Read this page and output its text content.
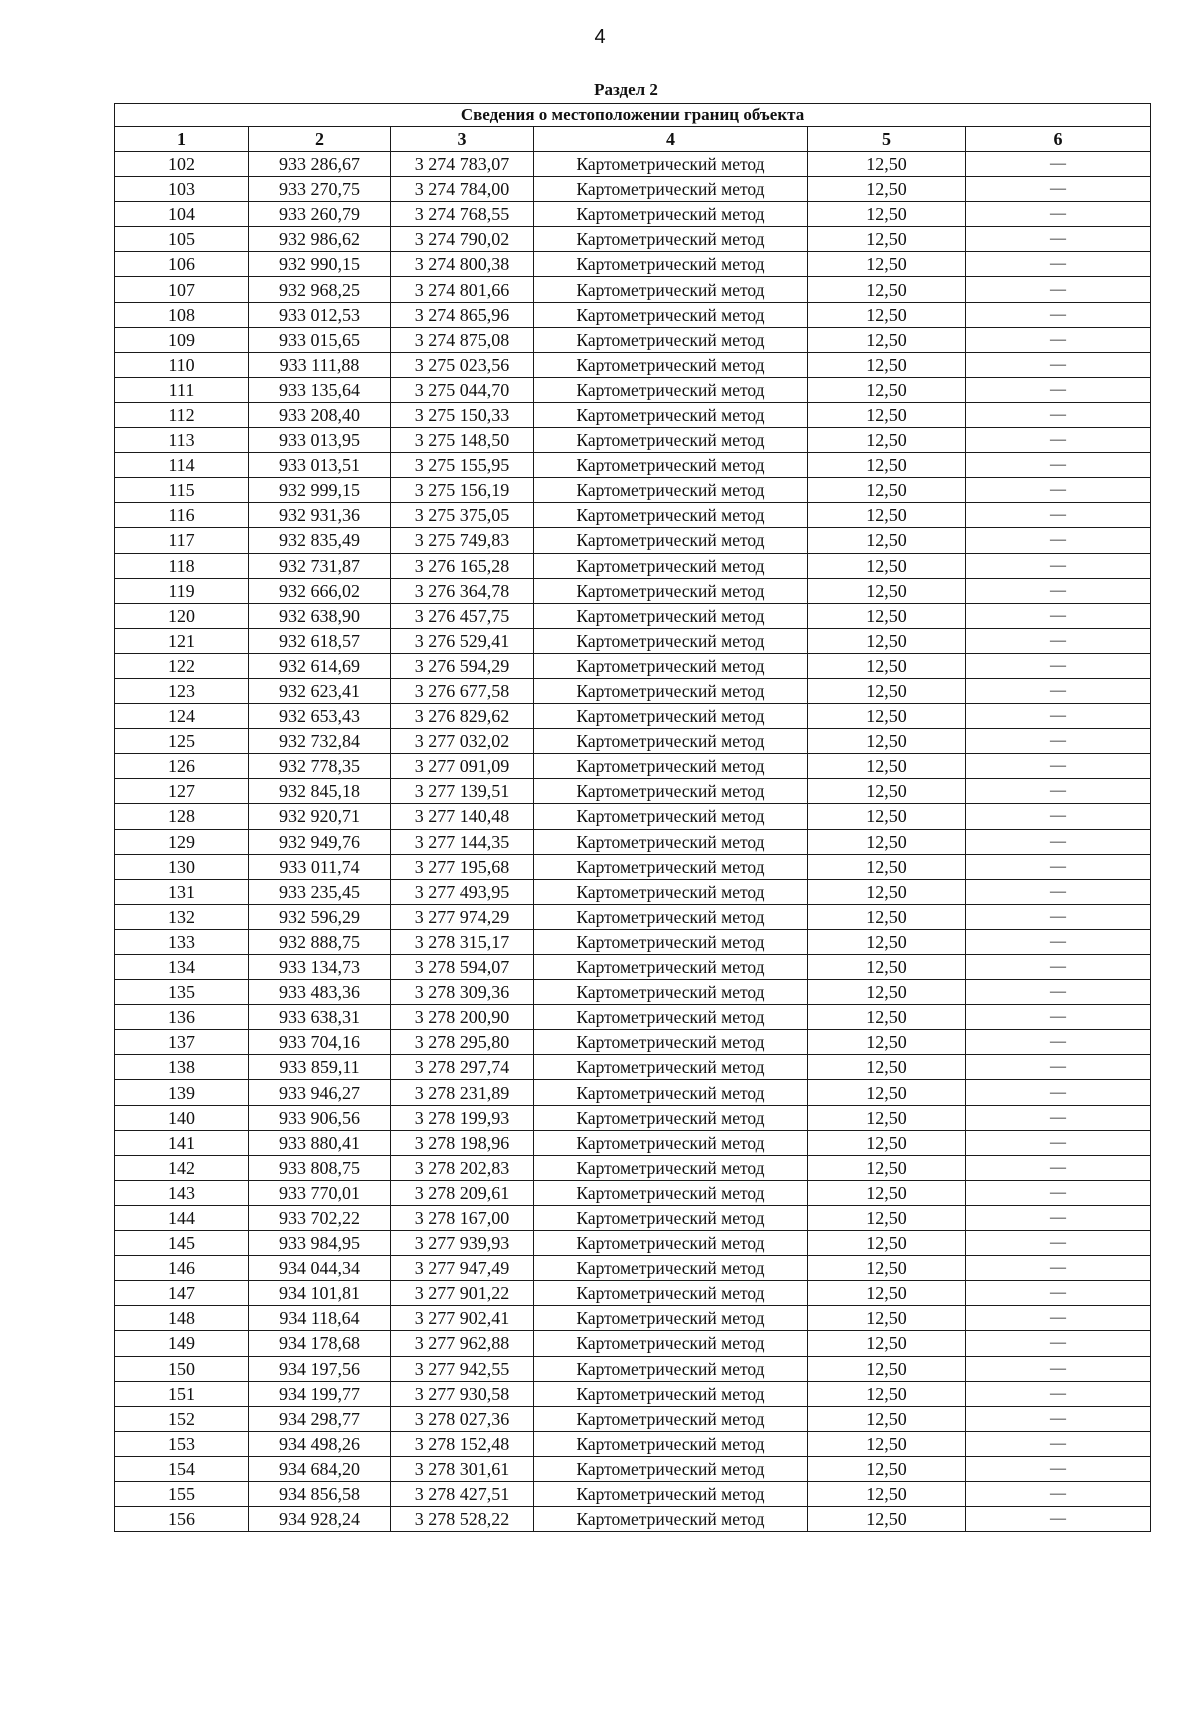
4
Раздел 2
Сведения о местоположении границ объекта					
1	2	3	4	5	6
102	933 286,67	3 274 783,07	Картометрический метод	12,50	—
103	933 270,75	3 274 784,00	Картометрический метод	12,50	—
104	933 260,79	3 274 768,55	Картометрический метод	12,50	—
105	932 986,62	3 274 790,02	Картометрический метод	12,50	—
106	932 990,15	3 274 800,38	Картометрический метод	12,50	—
107	932 968,25	3 274 801,66	Картометрический метод	12,50	—
108	933 012,53	3 274 865,96	Картометрический метод	12,50	—
109	933 015,65	3 274 875,08	Картометрический метод	12,50	—
110	933 111,88	3 275 023,56	Картометрический метод	12,50	—
111	933 135,64	3 275 044,70	Картометрический метод	12,50	—
112	933 208,40	3 275 150,33	Картометрический метод	12,50	—
113	933 013,95	3 275 148,50	Картометрический метод	12,50	—
114	933 013,51	3 275 155,95	Картометрический метод	12,50	—
115	932 999,15	3 275 156,19	Картометрический метод	12,50	—
116	932 931,36	3 275 375,05	Картометрический метод	12,50	—
117	932 835,49	3 275 749,83	Картометрический метод	12,50	—
118	932 731,87	3 276 165,28	Картометрический метод	12,50	—
119	932 666,02	3 276 364,78	Картометрический метод	12,50	—
120	932 638,90	3 276 457,75	Картометрический метод	12,50	—
121	932 618,57	3 276 529,41	Картометрический метод	12,50	—
122	932 614,69	3 276 594,29	Картометрический метод	12,50	—
123	932 623,41	3 276 677,58	Картометрический метод	12,50	—
124	932 653,43	3 276 829,62	Картометрический метод	12,50	—
125	932 732,84	3 277 032,02	Картометрический метод	12,50	—
126	932 778,35	3 277 091,09	Картометрический метод	12,50	—
127	932 845,18	3 277 139,51	Картометрический метод	12,50	—
128	932 920,71	3 277 140,48	Картометрический метод	12,50	—
129	932 949,76	3 277 144,35	Картометрический метод	12,50	—
130	933 011,74	3 277 195,68	Картометрический метод	12,50	—
131	933 235,45	3 277 493,95	Картометрический метод	12,50	—
132	932 596,29	3 277 974,29	Картометрический метод	12,50	—
133	932 888,75	3 278 315,17	Картометрический метод	12,50	—
134	933 134,73	3 278 594,07	Картометрический метод	12,50	—
135	933 483,36	3 278 309,36	Картометрический метод	12,50	—
136	933 638,31	3 278 200,90	Картометрический метод	12,50	—
137	933 704,16	3 278 295,80	Картометрический метод	12,50	—
138	933 859,11	3 278 297,74	Картометрический метод	12,50	—
139	933 946,27	3 278 231,89	Картометрический метод	12,50	—
140	933 906,56	3 278 199,93	Картометрический метод	12,50	—
141	933 880,41	3 278 198,96	Картометрический метод	12,50	—
142	933 808,75	3 278 202,83	Картометрический метод	12,50	—
143	933 770,01	3 278 209,61	Картометрический метод	12,50	—
144	933 702,22	3 278 167,00	Картометрический метод	12,50	—
145	933 984,95	3 277 939,93	Картометрический метод	12,50	—
146	934 044,34	3 277 947,49	Картометрический метод	12,50	—
147	934 101,81	3 277 901,22	Картометрический метод	12,50	—
148	934 118,64	3 277 902,41	Картометрический метод	12,50	—
149	934 178,68	3 277 962,88	Картометрический метод	12,50	—
150	934 197,56	3 277 942,55	Картометрический метод	12,50	—
151	934 199,77	3 277 930,58	Картометрический метод	12,50	—
152	934 298,77	3 278 027,36	Картометрический метод	12,50	—
153	934 498,26	3 278 152,48	Картометрический метод	12,50	—
154	934 684,20	3 278 301,61	Картометрический метод	12,50	—
155	934 856,58	3 278 427,51	Картометрический метод	12,50	—
156	934 928,24	3 278 528,22	Картометрический метод	12,50	—
